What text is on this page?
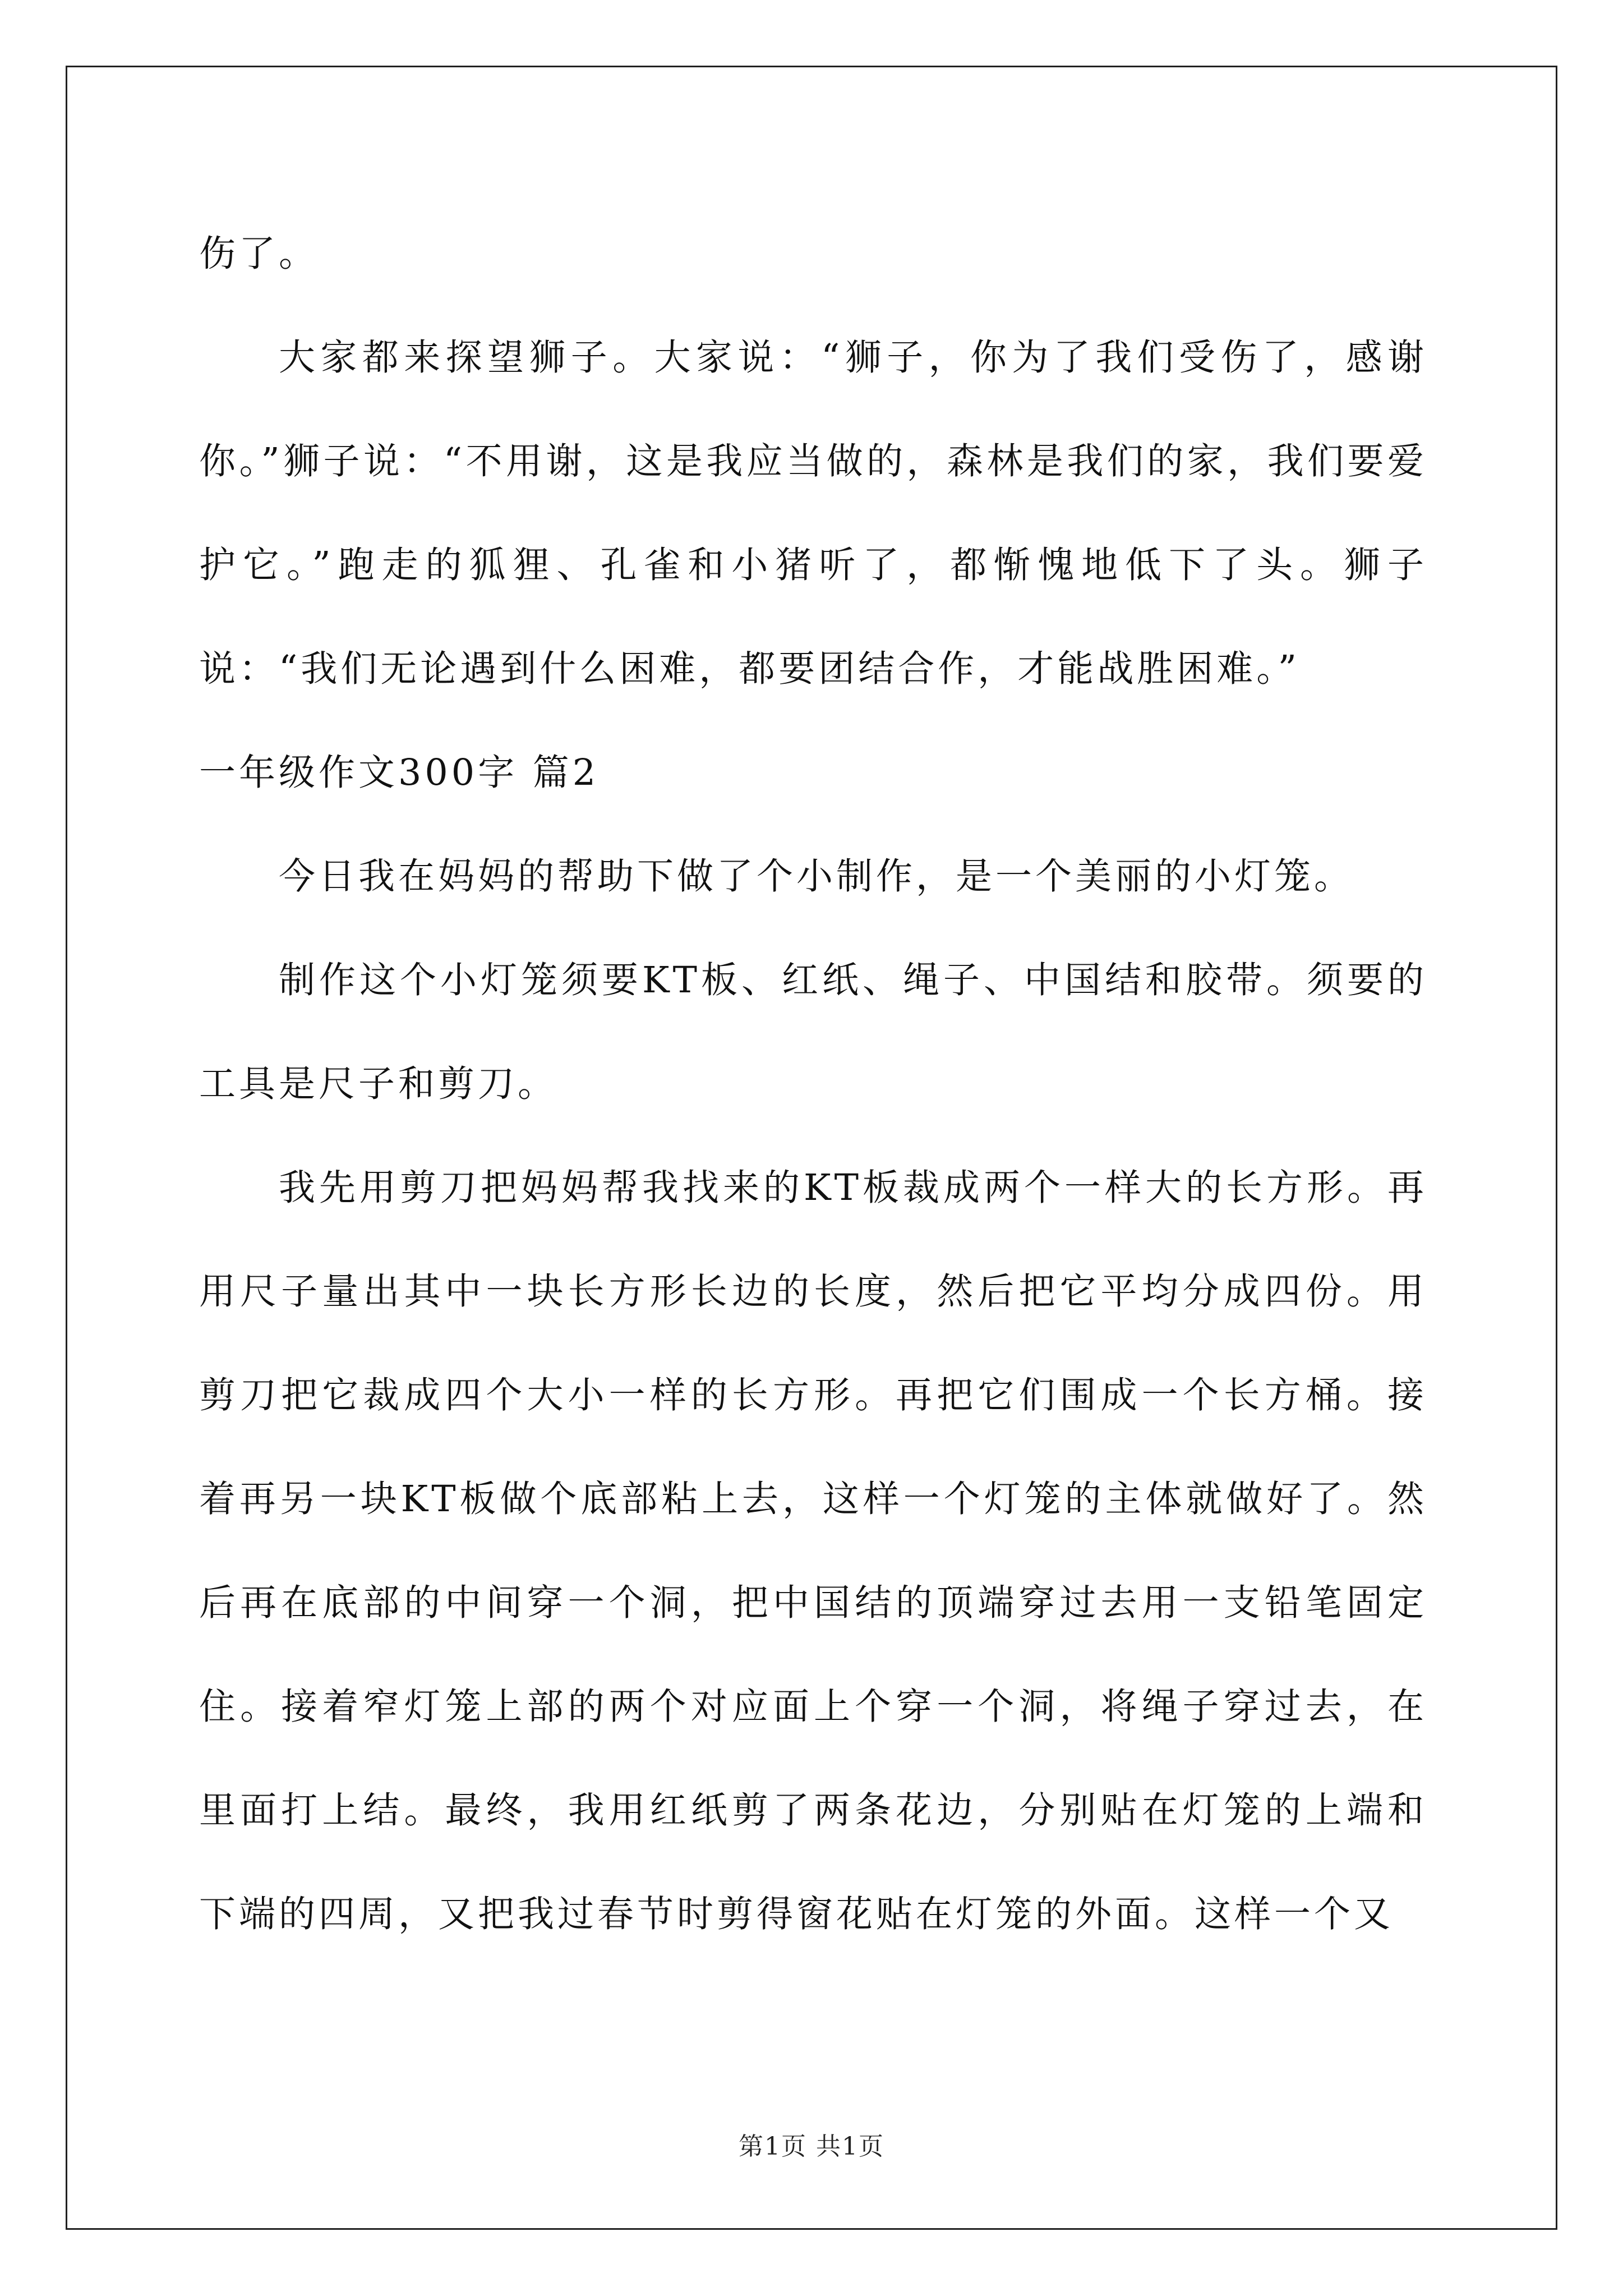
伤了。

大家都来探望狮子。大家说：“狮子，你为了我们受伤了，感谢你。”狮子说：“不用谢，这是我应当做的，森林是我们的家，我们要爱护它。”跑走的狐狸、孔雀和小猪听了，都惭愧地低下了头。狮子说：“我们无论遇到什么困难，都要团结合作，才能战胜困难。”

一年级作文300字 篇2

今日我在妈妈的帮助下做了个小制作，是一个美丽的小灯笼。

制作这个小灯笼须要KT板、红纸、绳子、中国结和胶带。须要的工具是尺子和剪刀。

我先用剪刀把妈妈帮我找来的KT板裁成两个一样大的长方形。再用尺子量出其中一块长方形长边的长度，然后把它平均分成四份。用剪刀把它裁成四个大小一样的长方形。再把它们围成一个长方桶。接着再另一块KT板做个底部粘上去，这样一个灯笼的主体就做好了。然后再在底部的中间穿一个洞，把中国结的顶端穿过去用一支铅笔固定住。接着窄灯笼上部的两个对应面上个穿一个洞，将绳子穿过去，在里面打上结。最终，我用红纸剪了两条花边，分别贴在灯笼的上端和下端的四周，又把我过春节时剪得窗花贴在灯笼的外面。这样一个又

第1页 共1页
